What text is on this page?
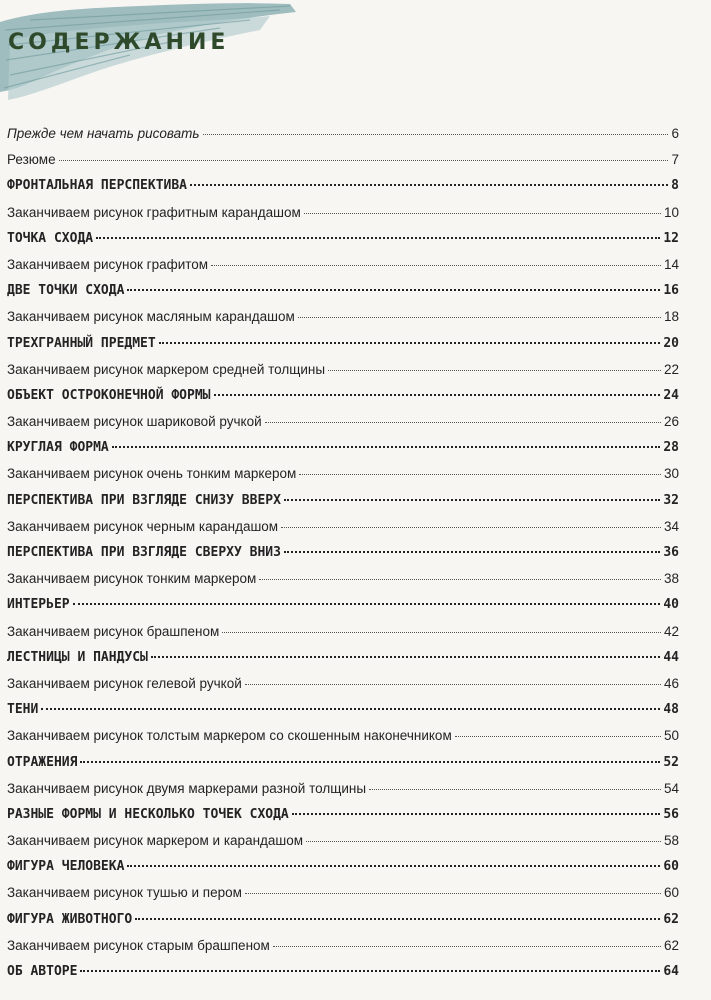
СОДЕРЖАНИЕ
Прежде чем начать рисовать	6
Резюме	7
ФРОНТАЛЬНАЯ ПЕРСПЕКТИВА	8
Заканчиваем рисунок графитным карандашом	10
ТОЧКА СХОДА	12
Заканчиваем рисунок графитом	14
ДВЕ ТОЧКИ СХОДА	16
Заканчиваем рисунок масляным карандашом	18
ТРЕХГРАННЫЙ ПРЕДМЕТ	20
Заканчиваем рисунок маркером средней толщины	22
ОБЪЕКТ ОСТРОКОНЕЧНОЙ ФОРМЫ	24
Заканчиваем рисунок шариковой ручкой	26
КРУГЛАЯ ФОРМА	28
Заканчиваем рисунок очень тонким маркером	30
ПЕРСПЕКТИВА ПРИ ВЗГЛЯДЕ СНИЗУ ВВЕРХ	32
Заканчиваем рисунок черным карандашом	34
ПЕРСПЕКТИВА ПРИ ВЗГЛЯДЕ СВЕРХУ ВНИЗ	36
Заканчиваем рисунок тонким маркером	38
ИНТЕРЬЕР	40
Заканчиваем рисунок брашпеном	42
ЛЕСТНИЦЫ И ПАНДУСЫ	44
Заканчиваем рисунок гелевой ручкой	46
ТЕНИ	48
Заканчиваем рисунок толстым маркером со скошенным наконечником	50
ОТРАЖЕНИЯ	52
Заканчиваем рисунок двумя маркерами разной толщины	54
РАЗНЫЕ ФОРМЫ И НЕСКОЛЬКО ТОЧЕК СХОДА	56
Заканчиваем рисунок маркером и карандашом	58
ФИГУРА ЧЕЛОВЕКА	60
Заканчиваем рисунок тушью и пером	60
ФИГУРА ЖИВОТНОГО	62
Заканчиваем рисунок старым брашпеном	62
ОБ АВТОРЕ	64
